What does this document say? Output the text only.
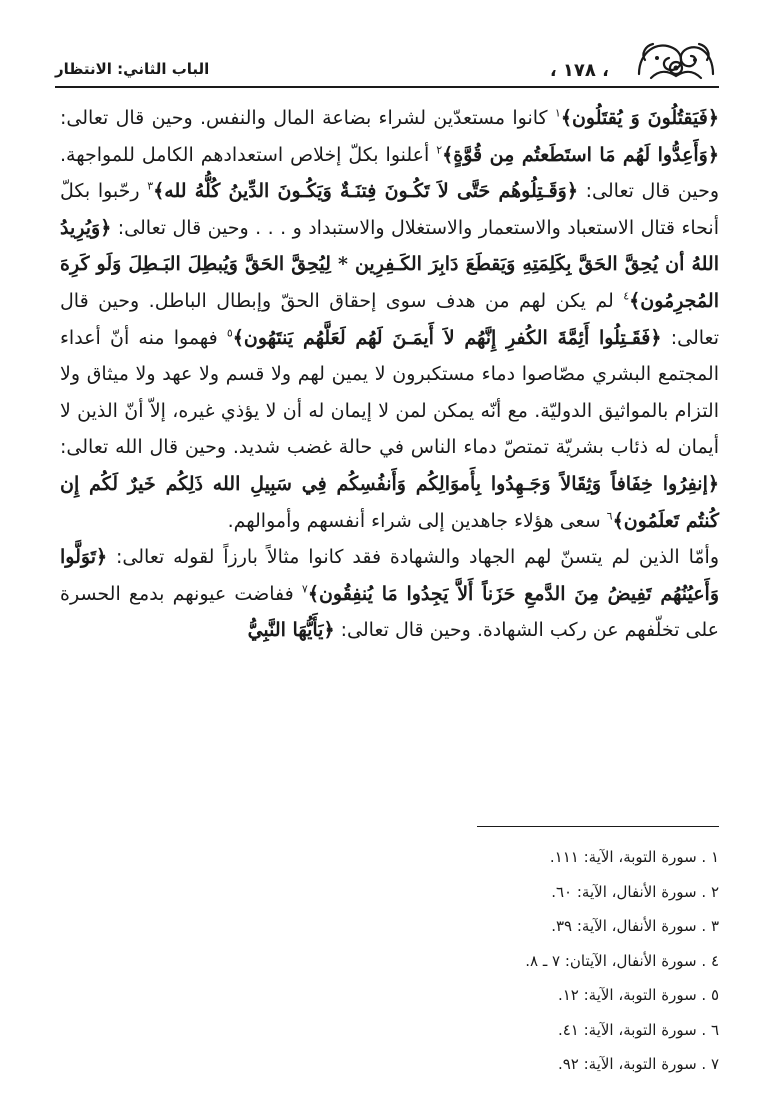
، ١٧٨ ،
الباب الثاني: الانتظار

﴿فَيَقتُلُونَ وَ يُقتَلُون﴾$^١$ كانوا مستعدّين لشراء بضاعة المال والنفس. وحين قال تعالى: ﴿وَأَعِدُّوا لَهُم مَا استَطَعتُم مِن قُوَّةٍ﴾$^٢$ أعلنوا بكلّ إخلاص استعدادهم الكامل للمواجهة. وحين قال تعالى: ﴿وَقَـتِلُوهُم حَتَّى لاَ تَكُـونَ فِتنَـةٌ وَيَكُـونَ الدِّينُ كُلُّهُ لله﴾$^٣$ رحّبوا بكلّ أنحاء قتال الاستعباد والاستعمار والاستغلال والاستبداد و . . . وحين قال تعالى: ﴿وَيُرِيدُ اللهُ أن يُحِقَّ الحَقَّ بِكَلِمَتِهِ وَيَقطَعَ دَابِرَ الكَـفِرِين * لِيُحِقَّ الحَقَّ وَيُبطِلَ البَـطِلَ وَلَو كَرِهَ المُجرِمُون﴾$^٤$ لم يكن لهم من هدف سوى إحقاق الحقّ وإبطال الباطل. وحين قال تعالى: ﴿فَقَـتِلُوا أَئِمَّةَ الكُفرِ إِنَّهُم لاَ أَيمَـنَ لَهُم لَعَلَّهُم يَنتَهُون﴾$^٥$ فهموا منه أنّ أعداء المجتمع البشري مصّاصوا دماء مستكبرون لا يمين لهم ولا قسم ولا عهد ولا ميثاق ولا التزام بالمواثيق الدوليّة. مع أنّه يمكن لمن لا إيمان له أن لا يؤذي غيره، إلاّ أنّ الذين لا أيمان له ذئاب بشريّة تمتصّ دماء الناس في حالة غضب شديد. وحين قال الله تعالى: ﴿إنفِرُوا خِفَافاً وَثِقَالاً وَجَـهِدُوا بِأَموَالِكُم وَأَنفُسِكُم فِي سَبِيلِ الله ذَلِكُم خَيرٌ لَكُم إِن كُنتُم تَعلَمُون﴾$^٦$ سعى هؤلاء جاهدين إلى شراء أنفسهم وأموالهم.

وأمّا الذين لم يتسنّ لهم الجهاد والشهادة فقد كانوا مثالاً بارزاً لقوله تعالى: ﴿تَوَلَّوا وَأَعيُنُهُم تَفِيضُ مِنَ الدَّمعِ حَزَناً أَلاَّ يَجِدُوا مَا يُنفِقُون﴾$^٧$ ففاضت عيونهم بدمع الحسرة على تخلّفهم عن ركب الشهادة. وحين قال تعالى: ﴿يَأَيُّهَا النَّبِيُّ

١ . سورة التوبة، الآية: ١١١.
٢ . سورة الأنفال، الآية: ٦٠.
٣ . سورة الأنفال، الآية: ٣٩.
٤ . سورة الأنفال، الآيتان: ٧ ـ ٨.
٥ . سورة التوبة، الآية: ١٢.
٦ . سورة التوبة، الآية: ٤١.
٧ . سورة التوبة، الآية: ٩٢.
